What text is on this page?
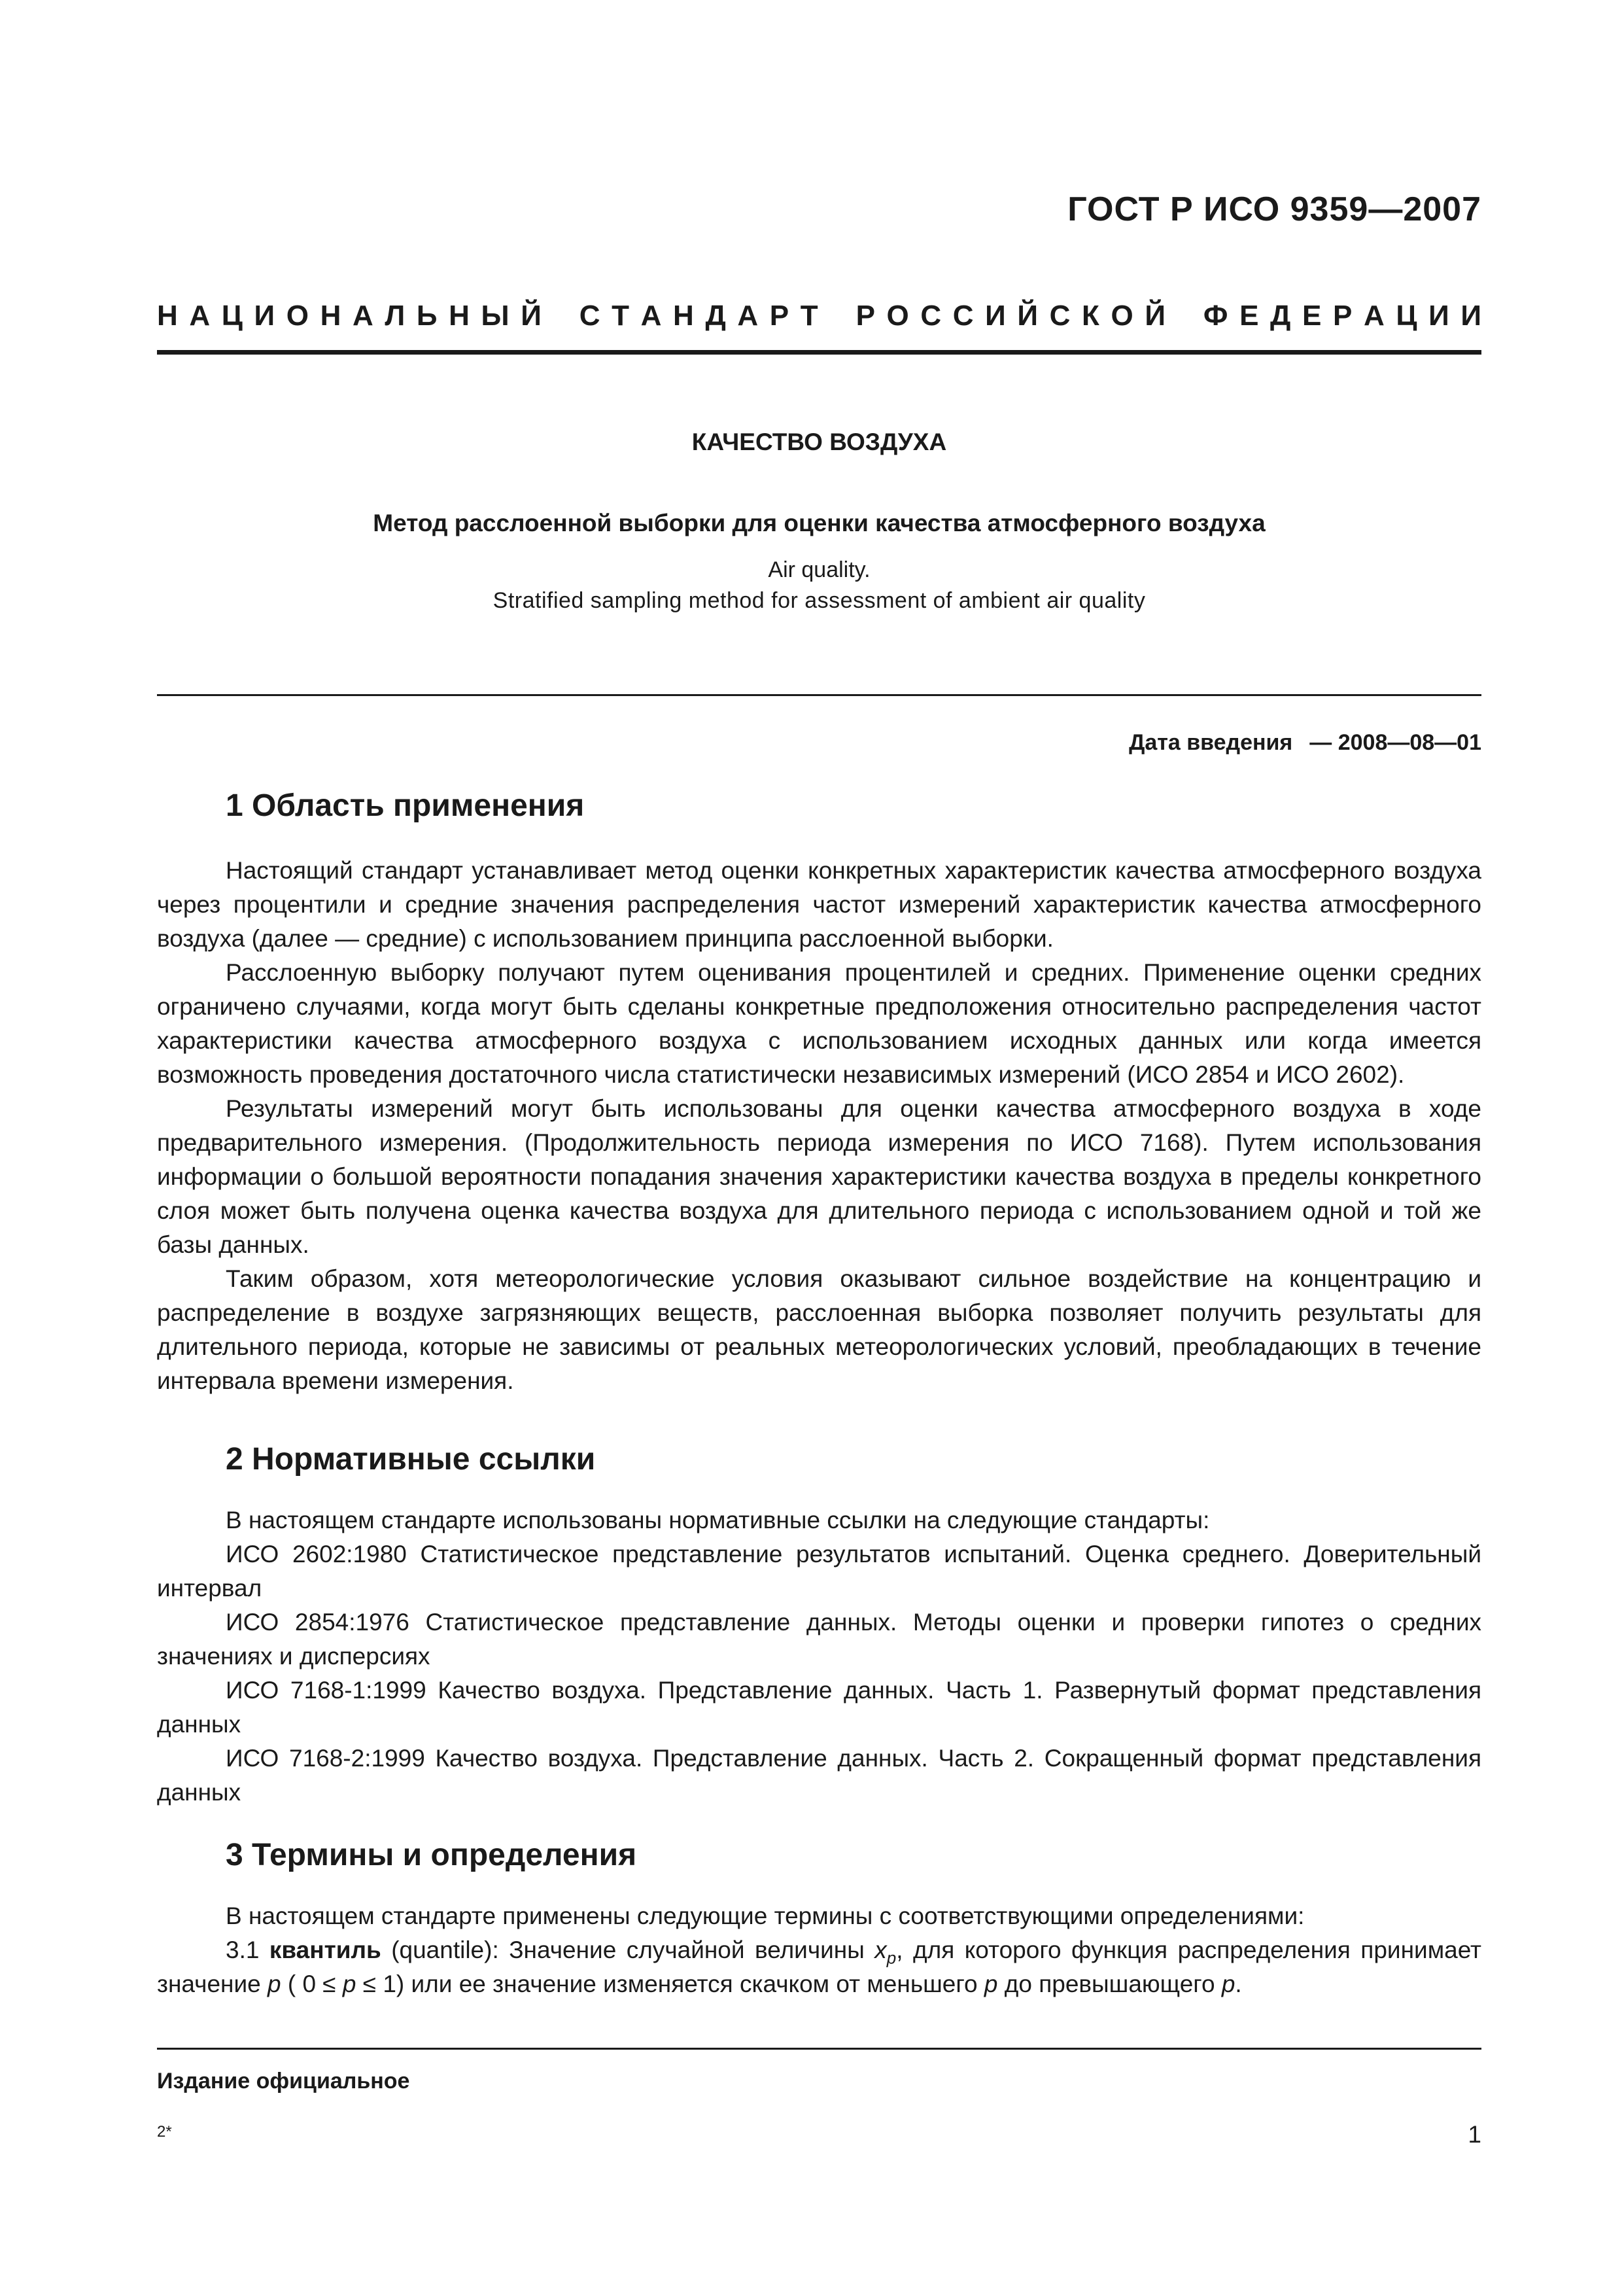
ГОСТ Р ИСО 9359—2007
Н  А  Ц  И  О  Н  А  Л  Ь  Н  Ы  Й С  Т  А  Н  Д  А  Р  Т Р  О  С  С  И  Й  С  К  О  Й Ф  Е  Д  Е  Р  А  Ц  И  И
КАЧЕСТВО ВОЗДУХА
Метод расслоенной выборки для оценки качества атмосферного воздуха
Air quality.
Stratified sampling method for assessment of ambient air quality
Дата введения — 2008—08—01
1 Область применения

Настоящий стандарт устанавливает метод оценки конкретных характеристик качества атмосферного воздуха через процентили и средние значения распределения частот измерений характеристик качества атмосферного воздуха (далее — средние) с использованием принципа расслоенной выборки.

Расслоенную выборку получают путем оценивания процентилей и средних. Применение оценки средних ограничено случаями, когда могут быть сделаны конкретные предположения относительно распределения частот характеристики качества атмосферного воздуха с использованием исходных данных или когда имеется возможность проведения достаточного числа статистически независимых измерений (ИСО 2854 и ИСО 2602).

Результаты измерений могут быть использованы для оценки качества атмосферного воздуха в ходе предварительного измерения. (Продолжительность периода измерения по ИСО 7168). Путем использования информации о большой вероятности попадания значения характеристики качества воздуха в пределы конкретного слоя может быть получена оценка качества воздуха для длительного периода с использованием одной и той же базы данных.

Таким образом, хотя метеорологические условия оказывают сильное воздействие на концентрацию и распределение в воздухе загрязняющих веществ, расслоенная выборка позволяет получить результаты для длительного периода, которые не зависимы от реальных метеорологических условий, преобладающих в течение интервала времени измерения.

2 Нормативные ссылки

В настоящем стандарте использованы нормативные ссылки на следующие стандарты:

ИСО 2602:1980 Статистическое представление результатов испытаний. Оценка среднего. Доверительный интервал

ИСО 2854:1976 Статистическое представление данных. Методы оценки и проверки гипотез о средних значениях и дисперсиях

ИСО 7168-1:1999 Качество воздуха. Представление данных. Часть 1. Развернутый формат представления данных

ИСО 7168-2:1999 Качество воздуха. Представление данных. Часть 2. Сокращенный формат представления данных

3 Термины и определения

В настоящем стандарте применены следующие термины с соответствующими определениями:

3.1 квантиль (quantile): Значение случайной величины $x_p$, для которого функция распределения принимает значение p ( 0 ≤ p ≤ 1) или ее значение изменяется скачком от меньшего p до превышающего p.

Издание официальное
2*	1
